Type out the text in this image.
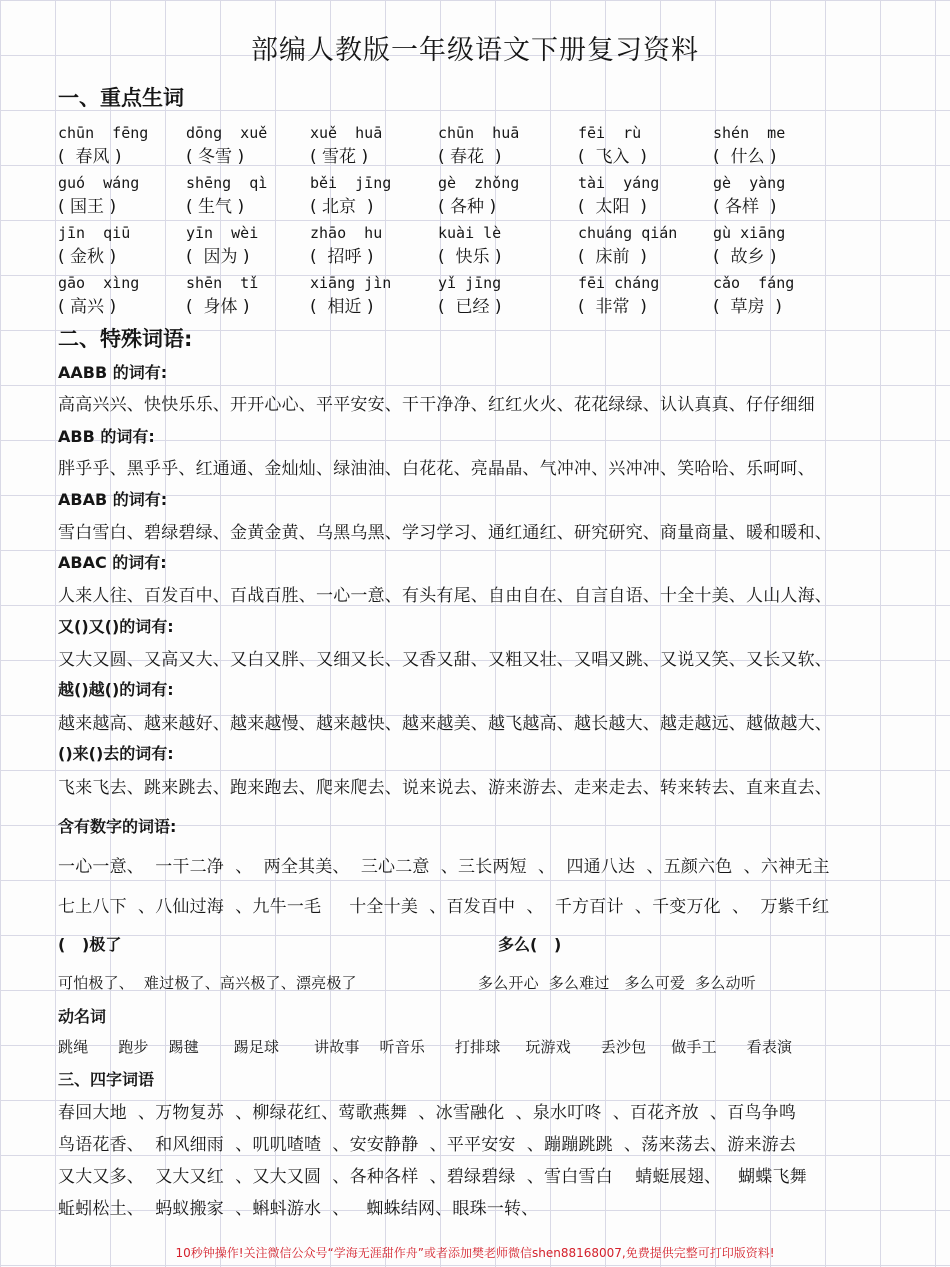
部编人教版一年级语文下册复习资料
一、重点生词
chūn  fēng
(  春风 )
dōng  xuě
( 冬雪 )
xuě  huā
( 雪花 )
chūn  huā
( 春花  )
fēi  rù
(  飞入  )
shén  me
(  什么 )
guó  wáng
( 国王 )
shēng  qì
( 生气 )
běi  jīng
( 北京  )
gè  zhǒng
( 各种 )
tài  yáng
(  太阳  )
gè  yàng
( 各样  )
jīn  qiū
( 金秋 )
yīn  wèi
(  因为 )
zhāo  hu
(  招呼 )
kuài lè
(  快乐 )
chuáng qián
(  床前  )
gù xiāng
(  故乡 )
gāo  xìng
( 高兴 )
shēn  tǐ
(  身体 )
xiāng jìn
(  相近 )
yǐ jīng
(  已经 )
fēi cháng
(  非常  )
cǎo  fáng
(  草房  )
二、特殊词语:
AABB 的词有:
高高兴兴、快快乐乐、开开心心、平平安安、干干净净、红红火火、花花绿绿、认认真真、仔仔细细
ABB 的词有:
胖乎乎、黑乎乎、红通通、金灿灿、绿油油、白花花、亮晶晶、气冲冲、兴冲冲、笑哈哈、乐呵呵、
ABAB 的词有:
雪白雪白、碧绿碧绿、金黄金黄、乌黑乌黑、学习学习、通红通红、研究研究、商量商量、暖和暖和、
ABAC 的词有:
人来人往、百发百中、百战百胜、一心一意、有头有尾、自由自在、自言自语、十全十美、人山人海、
又()又()的词有:
又大又圆、又高又大、又白又胖、又细又长、又香又甜、又粗又壮、又唱又跳、又说又笑、又长又软、
越()越()的词有:
越来越高、越来越好、越来越慢、越来越快、越来越美、越飞越高、越长越大、越走越远、越做越大、
()来()去的词有:
飞来飞去、跳来跳去、跑来跑去、爬来爬去、说来说去、游来游去、走来走去、转来转去、直来直去、
含有数字的词语:
一心一意、  一干二净  、  两全其美、  三心二意  、三长两短  、  四通八达  、五颜六色  、六神无主
七上八下  、八仙过海  、九牛一毛     十全十美  、百发百中  、  千方百计  、千变万化  、  万紫千红
(   )极了	多么(   )
可怕极了、  难过极了、高兴极了、漂亮极了	多么开心  多么难过   多么可爱  多么动听
动名词
跳绳      跑步    踢毽       踢足球       讲故事    听音乐      打排球     玩游戏      丢沙包     做手工      看表演
三、四字词语
春回大地  、万物复苏  、柳绿花红、莺歌燕舞  、冰雪融化  、泉水叮咚  、百花齐放  、百鸟争鸣
鸟语花香、  和风细雨  、叽叽喳喳  、安安静静  、平平安安  、蹦蹦跳跳  、荡来荡去、游来游去
又大又多、  又大又红  、又大又圆  、各种各样  、碧绿碧绿  、雪白雪白    蜻蜓展翅、   蝴蝶飞舞
蚯蚓松土、  蚂蚁搬家  、蝌蚪游水  、   蜘蛛结网、眼珠一转、
10秒钟操作!关注微信公众号“学海无涯甜作舟”或者添加樊老师微信shen88168007,免费提供完整可打印版资料!
